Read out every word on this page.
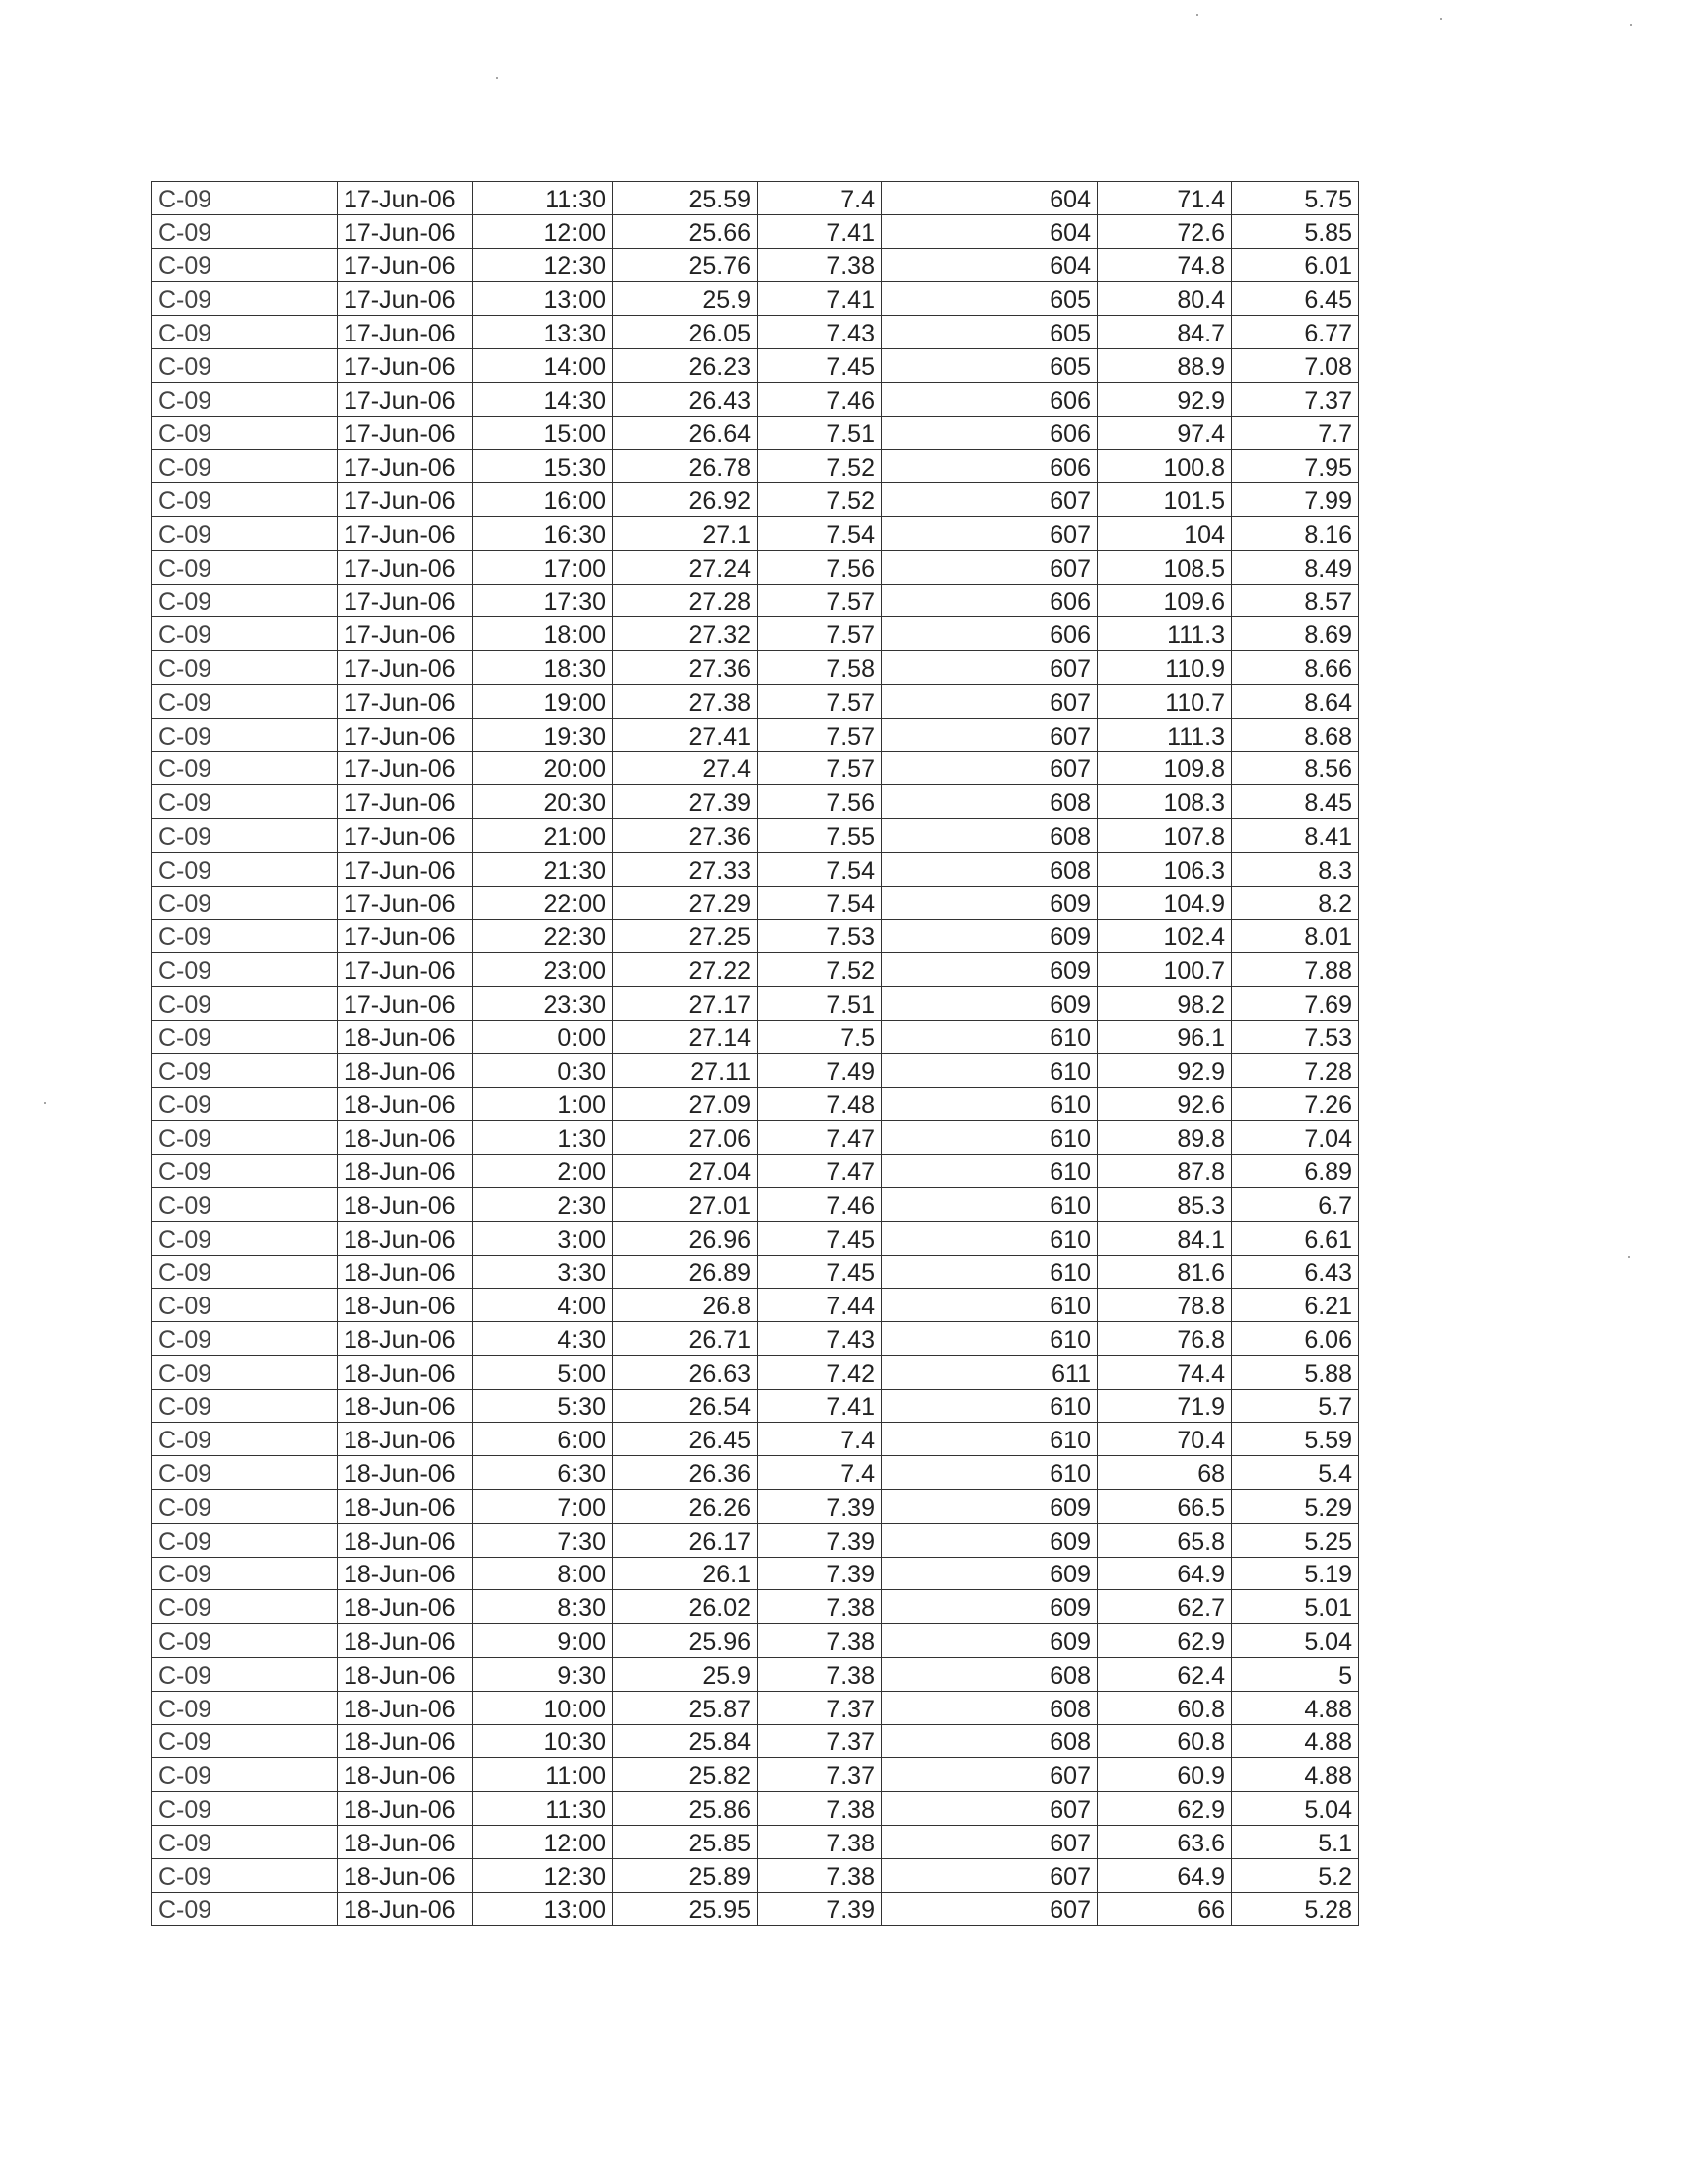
C-09	17-Jun-06	11:30	25.59	7.4	604	71.4	5.75
C-09	17-Jun-06	12:00	25.66	7.41	604	72.6	5.85
C-09	17-Jun-06	12:30	25.76	7.38	604	74.8	6.01
C-09	17-Jun-06	13:00	25.9	7.41	605	80.4	6.45
C-09	17-Jun-06	13:30	26.05	7.43	605	84.7	6.77
C-09	17-Jun-06	14:00	26.23	7.45	605	88.9	7.08
C-09	17-Jun-06	14:30	26.43	7.46	606	92.9	7.37
C-09	17-Jun-06	15:00	26.64	7.51	606	97.4	7.7
C-09	17-Jun-06	15:30	26.78	7.52	606	100.8	7.95
C-09	17-Jun-06	16:00	26.92	7.52	607	101.5	7.99
C-09	17-Jun-06	16:30	27.1	7.54	607	104	8.16
C-09	17-Jun-06	17:00	27.24	7.56	607	108.5	8.49
C-09	17-Jun-06	17:30	27.28	7.57	606	109.6	8.57
C-09	17-Jun-06	18:00	27.32	7.57	606	111.3	8.69
C-09	17-Jun-06	18:30	27.36	7.58	607	110.9	8.66
C-09	17-Jun-06	19:00	27.38	7.57	607	110.7	8.64
C-09	17-Jun-06	19:30	27.41	7.57	607	111.3	8.68
C-09	17-Jun-06	20:00	27.4	7.57	607	109.8	8.56
C-09	17-Jun-06	20:30	27.39	7.56	608	108.3	8.45
C-09	17-Jun-06	21:00	27.36	7.55	608	107.8	8.41
C-09	17-Jun-06	21:30	27.33	7.54	608	106.3	8.3
C-09	17-Jun-06	22:00	27.29	7.54	609	104.9	8.2
C-09	17-Jun-06	22:30	27.25	7.53	609	102.4	8.01
C-09	17-Jun-06	23:00	27.22	7.52	609	100.7	7.88
C-09	17-Jun-06	23:30	27.17	7.51	609	98.2	7.69
C-09	18-Jun-06	0:00	27.14	7.5	610	96.1	7.53
C-09	18-Jun-06	0:30	27.11	7.49	610	92.9	7.28
C-09	18-Jun-06	1:00	27.09	7.48	610	92.6	7.26
C-09	18-Jun-06	1:30	27.06	7.47	610	89.8	7.04
C-09	18-Jun-06	2:00	27.04	7.47	610	87.8	6.89
C-09	18-Jun-06	2:30	27.01	7.46	610	85.3	6.7
C-09	18-Jun-06	3:00	26.96	7.45	610	84.1	6.61
C-09	18-Jun-06	3:30	26.89	7.45	610	81.6	6.43
C-09	18-Jun-06	4:00	26.8	7.44	610	78.8	6.21
C-09	18-Jun-06	4:30	26.71	7.43	610	76.8	6.06
C-09	18-Jun-06	5:00	26.63	7.42	611	74.4	5.88
C-09	18-Jun-06	5:30	26.54	7.41	610	71.9	5.7
C-09	18-Jun-06	6:00	26.45	7.4	610	70.4	5.59
C-09	18-Jun-06	6:30	26.36	7.4	610	68	5.4
C-09	18-Jun-06	7:00	26.26	7.39	609	66.5	5.29
C-09	18-Jun-06	7:30	26.17	7.39	609	65.8	5.25
C-09	18-Jun-06	8:00	26.1	7.39	609	64.9	5.19
C-09	18-Jun-06	8:30	26.02	7.38	609	62.7	5.01
C-09	18-Jun-06	9:00	25.96	7.38	609	62.9	5.04
C-09	18-Jun-06	9:30	25.9	7.38	608	62.4	5
C-09	18-Jun-06	10:00	25.87	7.37	608	60.8	4.88
C-09	18-Jun-06	10:30	25.84	7.37	608	60.8	4.88
C-09	18-Jun-06	11:00	25.82	7.37	607	60.9	4.88
C-09	18-Jun-06	11:30	25.86	7.38	607	62.9	5.04
C-09	18-Jun-06	12:00	25.85	7.38	607	63.6	5.1
C-09	18-Jun-06	12:30	25.89	7.38	607	64.9	5.2
C-09	18-Jun-06	13:00	25.95	7.39	607	66	5.28
